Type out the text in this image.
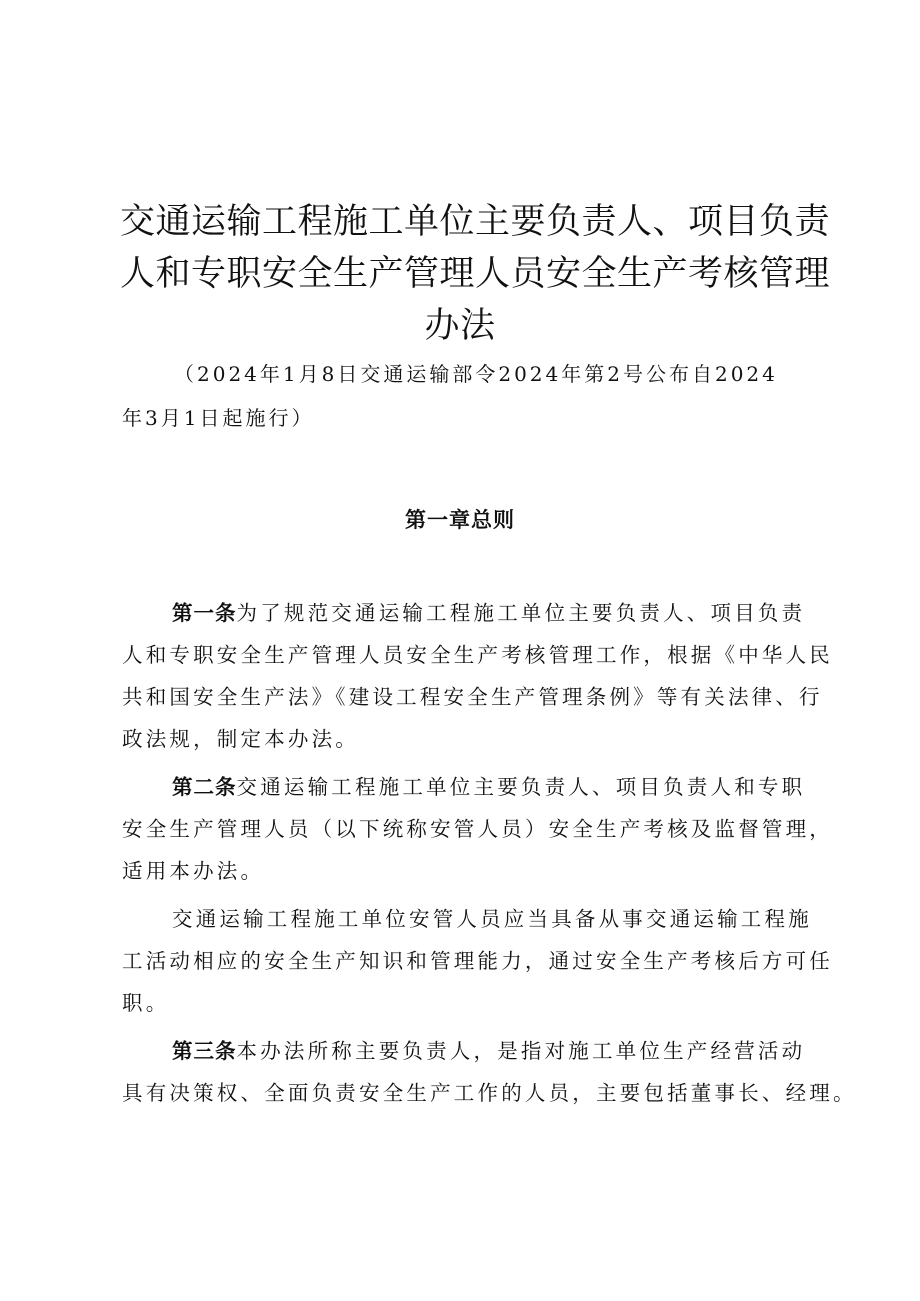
交通运输工程施工单位主要负责人、项目负责
人和专职安全生产管理人员安全生产考核管理
办法
（2024年1月8日交通运输部令2024年第2号公布自2024
年3月1日起施行）
第一章总则
第一条为了规范交通运输工程施工单位主要负责人、项目负责
人和专职安全生产管理人员安全生产考核管理工作，根据《中华人民
共和国安全生产法》《建设工程安全生产管理条例》等有关法律、行
政法规，制定本办法。
第二条交通运输工程施工单位主要负责人、项目负责人和专职
安全生产管理人员（以下统称安管人员）安全生产考核及监督管理，
适用本办法。
交通运输工程施工单位安管人员应当具备从事交通运输工程施
工活动相应的安全生产知识和管理能力，通过安全生产考核后方可任
职。
第三条本办法所称主要负责人，是指对施工单位生产经营活动
具有决策权、全面负责安全生产工作的人员，主要包括董事长、经理。
